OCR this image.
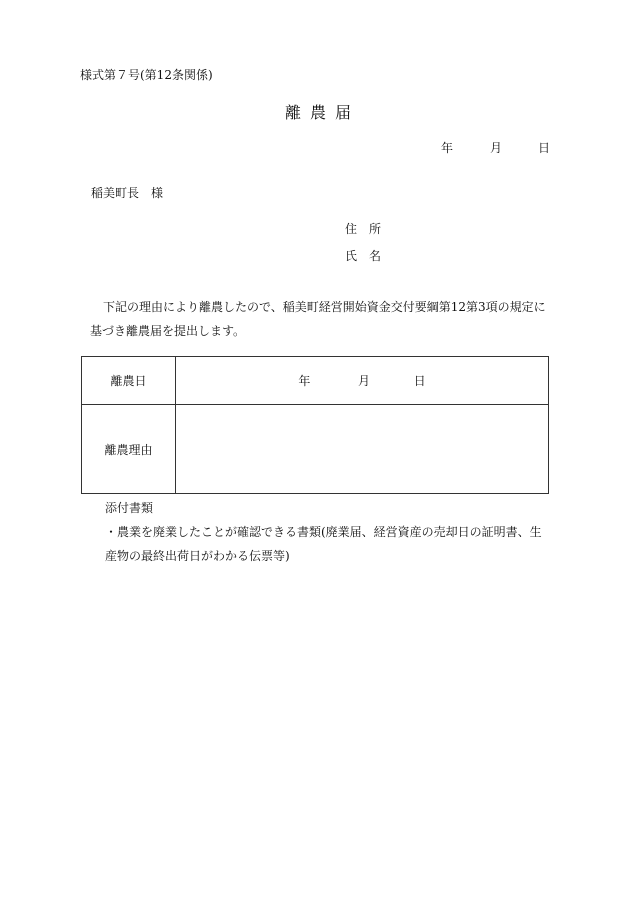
様式第７号(第12条関係)
離農届
年	月	日
稲美町長　様
住　所
氏　名
下記の理由により離農したので、稲美町経営開始資金交付要綱第12第3項の規定に
基づき離農届を提出します。
離農日	年 月 日
離農理由	
添付書類
・農業を廃業したことが確認できる書類(廃業届、経営資産の売却日の証明書、生
産物の最終出荷日がわかる伝票等)
